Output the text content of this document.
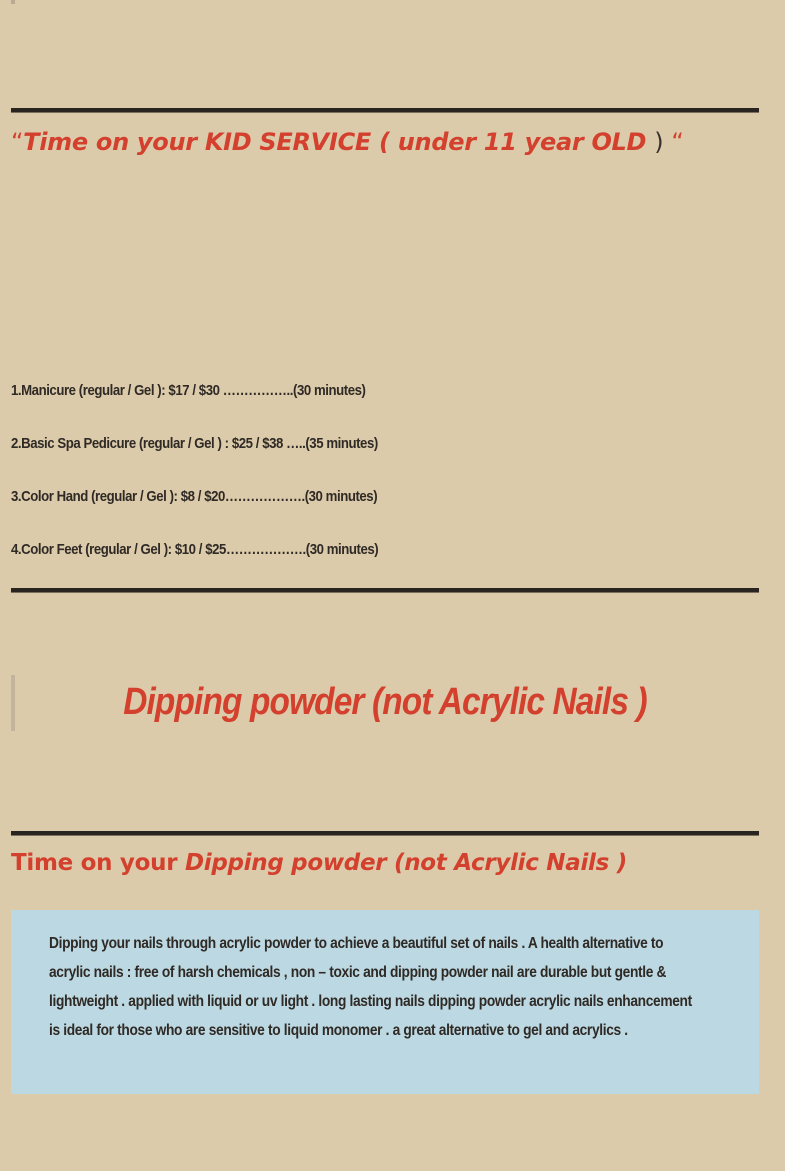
“Time on your KID SERVICE ( under 11 year OLD ) “
1.Manicure (regular / Gel ): $17 / $30 ……………..(30 minutes)
2.Basic Spa Pedicure (regular / Gel ) : $25 / $38 …..(35 minutes)
3.Color Hand (regular / Gel ): $8 / $20……………….(30 minutes)
4.Color Feet (regular / Gel ): $10 / $25……………….(30 minutes)
Dipping powder (not Acrylic Nails )
Time on your Dipping powder (not Acrylic Nails )

Dipping your nails through acrylic powder to achieve a beautiful set of nails . A health alternative to acrylic nails : free of harsh chemicals , non – toxic and dipping powder nail are durable but gentle & lightweight . applied with liquid or uv light . long lasting nails dipping powder acrylic nails enhancement is ideal for those who are sensitive to liquid monomer . a great alternative to gel and acrylics .
